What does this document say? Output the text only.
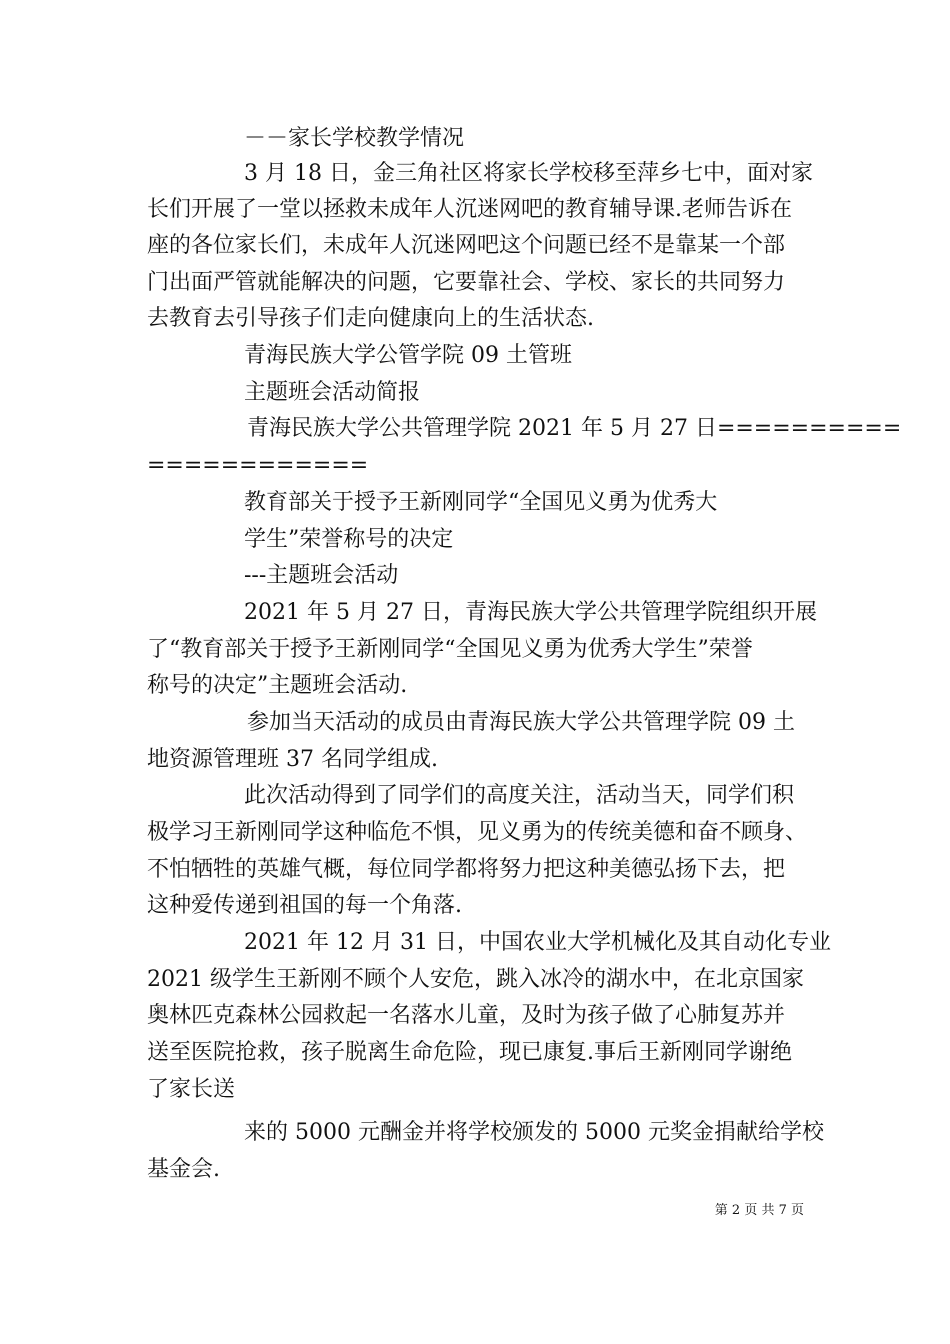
－－家长学校教学情况
3 月 18 日，金三角社区将家长学校移至萍乡七中，面对家
长们开展了一堂以拯救未成年人沉迷网吧的教育辅导课.老师告诉在
座的各位家长们，未成年人沉迷网吧这个问题已经不是靠某一个部
门出面严管就能解决的问题，它要靠社会、学校、家长的共同努力
去教育去引导孩子们走向健康向上的生活状态.
青海民族大学公管学院 09 土管班
主题班会活动简报
青海民族大学公共管理学院 2021 年 5 月 27 日==========
============
教育部关于授予王新刚同学“全国见义勇为优秀大
学生”荣誉称号的决定
---主题班会活动
2021 年 5 月 27 日，青海民族大学公共管理学院组织开展
了“教育部关于授予王新刚同学“全国见义勇为优秀大学生”荣誉
称号的决定”主题班会活动.
参加当天活动的成员由青海民族大学公共管理学院 09 土
地资源管理班 37 名同学组成.
此次活动得到了同学们的高度关注，活动当天，同学们积
极学习王新刚同学这种临危不惧，见义勇为的传统美德和奋不顾身、
不怕牺牲的英雄气概，每位同学都将努力把这种美德弘扬下去，把
这种爱传递到祖国的每一个角落.
2021 年 12 月 31 日，中国农业大学机械化及其自动化专业
2021 级学生王新刚不顾个人安危，跳入冰冷的湖水中，在北京国家
奥林匹克森林公园救起一名落水儿童，及时为孩子做了心肺复苏并
送至医院抢救，孩子脱离生命危险，现已康复.事后王新刚同学谢绝
了家长送
来的 5000 元酬金并将学校颁发的 5000 元奖金捐献给学校
基金会.
第 2 页 共 7 页
